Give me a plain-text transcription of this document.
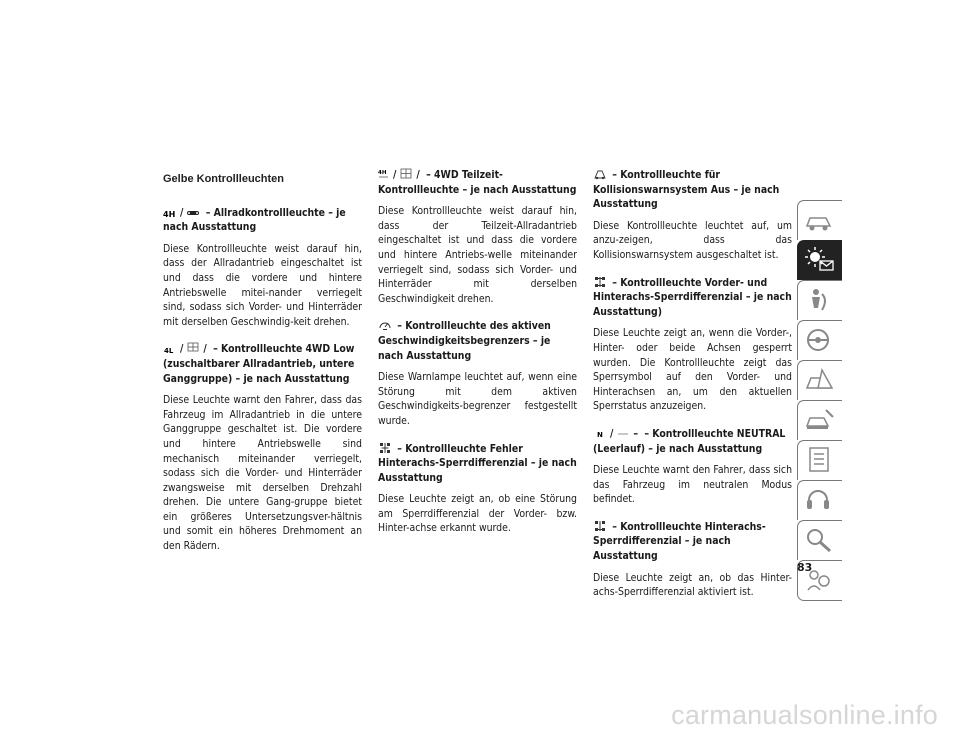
Gelbe Kontrollleuchten
4H / – Allradkontrollleuchte – je nach Ausstattung
Diese Kontrollleuchte weist darauf hin, dass der Allradantrieb eingeschaltet ist und dass die vordere und hintere Antriebswelle mitei-nander verriegelt sind, sodass sich Vorder- und Hinterräder mit derselben Geschwindig-keit drehen.
4L / / – Kontrollleuchte 4WD Low (zuschaltbarer Allradantrieb, untere Ganggruppe) – je nach Ausstattung
Diese Leuchte warnt den Fahrer, dass das Fahrzeug im Allradantrieb in die untere Ganggruppe geschaltet ist. Die vordere und hintere Antriebswelle sind mechanisch miteinander verriegelt, sodass sich die Vorder- und Hinterräder zwangsweise mit derselben Drehzahl drehen. Die untere Gang-gruppe bietet ein größeres Untersetzungsver-hältnis und somit ein höheres Drehmoment an den Rädern.
4H / / – 4WD Teilzeit-Kontrollleuchte – je nach Ausstattung
Diese Kontrollleuchte weist darauf hin, dass der Teilzeit-Allradantrieb eingeschaltet ist und dass die vordere und hintere Antriebs-welle miteinander verriegelt sind, sodass sich Vorder- und Hinterräder mit derselben Geschwindigkeit drehen.
– Kontrollleuchte des aktiven Geschwindigkeitsbegrenzers – je nach Ausstattung
Diese Warnlampe leuchtet auf, wenn eine Störung mit dem aktiven Geschwindigkeits-begrenzer festgestellt wurde.
– Kontrollleuchte Fehler Hinterachs-Sperrdifferenzial – je nach Ausstattung
Diese Leuchte zeigt an, ob eine Störung am Sperrdifferenzial der Vorder- bzw. Hinter-achse erkannt wurde.
– Kontrollleuchte für Kollisionswarnsystem Aus – je nach Ausstattung
Diese Kontrollleuchte leuchtet auf, um anzu-zeigen, dass das Kollisionswarnsystem ausgeschaltet ist.
– Kontrollleuchte Vorder- und Hinterachs-Sperrdifferenzial – je nach Ausstattung)
Diese Leuchte zeigt an, wenn die Vorder-, Hinter- oder beide Achsen gesperrt wurden. Die Kontrollleuchte zeigt das Sperrsymbol auf den Vorder- und Hinterachsen an, um den aktuellen Sperrstatus anzuzeigen.
N / – – Kontrollleuchte NEUTRAL (Leerlauf) – je nach Ausstattung
Diese Leuchte warnt den Fahrer, dass sich das Fahrzeug im neutralen Modus befindet.
– Kontrollleuchte Hinterachs-Sperrdifferenzial – je nach Ausstattung
Diese Leuchte zeigt an, ob das Hinter-achs-Sperrdifferenzial aktiviert ist.
83
carmanualsonline.info
